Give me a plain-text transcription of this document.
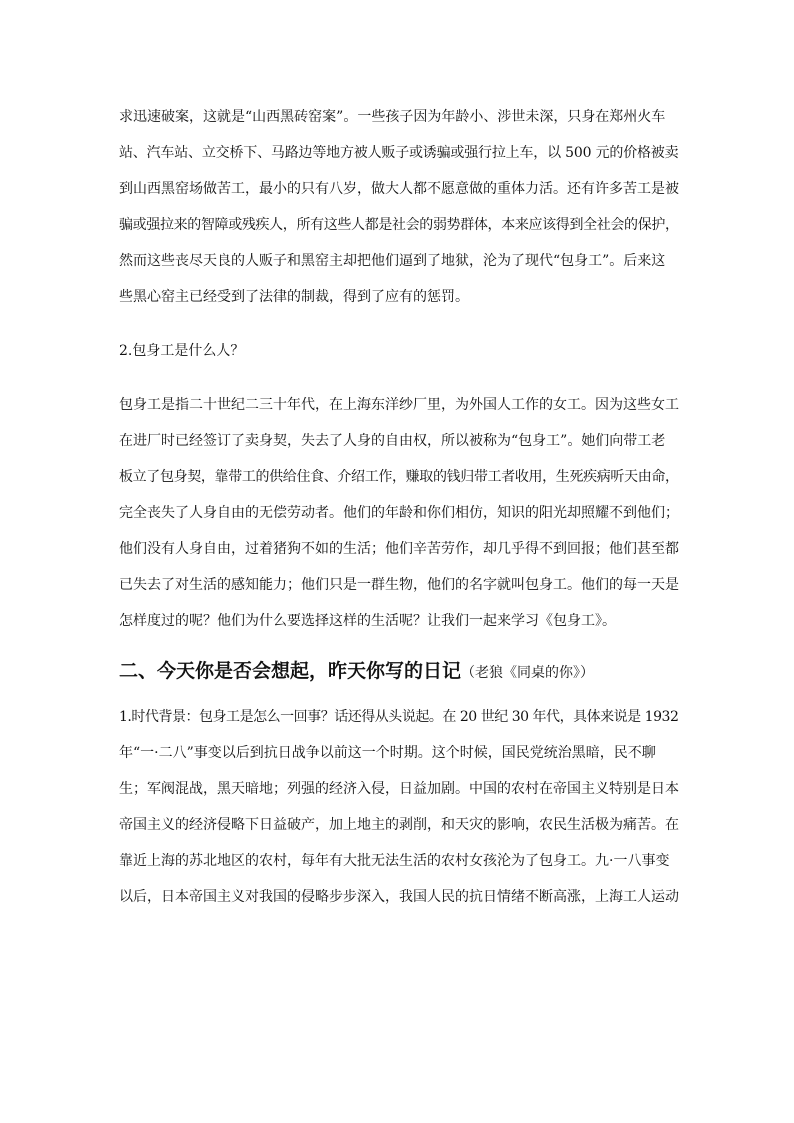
求迅速破案，这就是“山西黑砖窑案”。一些孩子因为年龄小、涉世未深，只身在郑州火车

站、汽车站、立交桥下、马路边等地方被人贩子或诱骗或强行拉上车，以 500 元的价格被卖

到山西黑窑场做苦工，最小的只有八岁，做大人都不愿意做的重体力活。还有许多苦工是被

骗或强拉来的智障或残疾人，所有这些人都是社会的弱势群体，本来应该得到全社会的保护，

然而这些丧尽天良的人贩子和黑窑主却把他们逼到了地狱，沦为了现代“包身工”。后来这

些黑心窑主已经受到了法律的制裁，得到了应有的惩罚。

2.包身工是什么人？

包身工是指二十世纪二三十年代，在上海东洋纱厂里，为外国人工作的女工。因为这些女工

在进厂时已经签订了卖身契，失去了人身的自由权，所以被称为“包身工”。她们向带工老

板立了包身契，靠带工的供给住食、介绍工作，赚取的钱归带工者收用，生死疾病听天由命，

完全丧失了人身自由的无偿劳动者。他们的年龄和你们相仿，知识的阳光却照耀不到他们；

他们没有人身自由，过着猪狗不如的生活；他们辛苦劳作，却几乎得不到回报；他们甚至都

已失去了对生活的感知能力；他们只是一群生物，他们的名字就叫包身工。他们的每一天是

怎样度过的呢？他们为什么要选择这样的生活呢？让我们一起来学习《包身工》。

二、今天你是否会想起，昨天你写的日记（老狼《同桌的你》）

1.时代背景：包身工是怎么一回事？话还得从头说起。在 20 世纪 30 年代，具体来说是 1932

年“一·二八”事变以后到抗日战争以前这一个时期。这个时候，国民党统治黑暗，民不聊

生；军阀混战，黑天暗地；列强的经济入侵，日益加剧。中国的农村在帝国主义特别是日本

帝国主义的经济侵略下日益破产，加上地主的剥削，和天灾的影响，农民生活极为痛苦。在

靠近上海的苏北地区的农村，每年有大批无法生活的农村女孩沦为了包身工。九·一八事变

以后，日本帝国主义对我国的侵略步步深入，我国人民的抗日情绪不断高涨，上海工人运动
